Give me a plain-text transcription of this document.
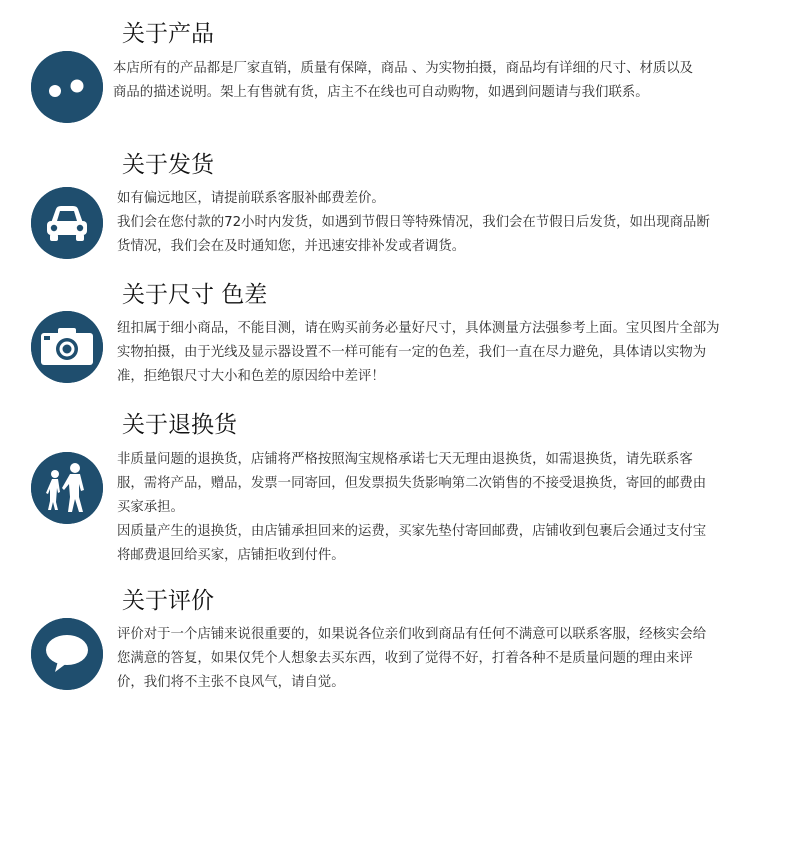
关于产品

本店所有的产品都是厂家直销，质量有保障，商品 、为实物拍摄，商品均有详细的尺寸、材质以及商品的描述说明。架上有售就有货，店主不在线也可自动购物，如遇到问题请与我们联系。

关于发货

如有偏远地区，请提前联系客服补邮费差价。

我们会在您付款的72小时内发货，如遇到节假日等特殊情况，我们会在节假日后发货，如出现商品断货情况，我们会在及时通知您，并迅速安排补发或者调货。

关于尺寸 色差

纽扣属于细小商品，不能目测，请在购买前务必量好尺寸，具体测量方法强参考上面。宝贝图片全部为实物拍摄，由于光线及显示器设置不一样可能有一定的色差，我们一直在尽力避免，具体请以实物为准，拒绝银尺寸大小和色差的原因给中差评！

关于退换货

非质量问题的退换货，店铺将严格按照淘宝规格承诺七天无理由退换货，如需退换货，请先联系客服，需将产品，赠品，发票一同寄回，但发票损失货影响第二次销售的不接受退换货，寄回的邮费由买家承担。

因质量产生的退换货，由店铺承担回来的运费，买家先垫付寄回邮费，店铺收到包裹后会通过支付宝将邮费退回给买家，店铺拒收到付件。

关于评价

评价对于一个店铺来说很重要的，如果说各位亲们收到商品有任何不满意可以联系客服，经核实会给您满意的答复，如果仅凭个人想象去买东西，收到了觉得不好，打着各种不是质量问题的理由来评价，我们将不主张不良风气，请自觉。
